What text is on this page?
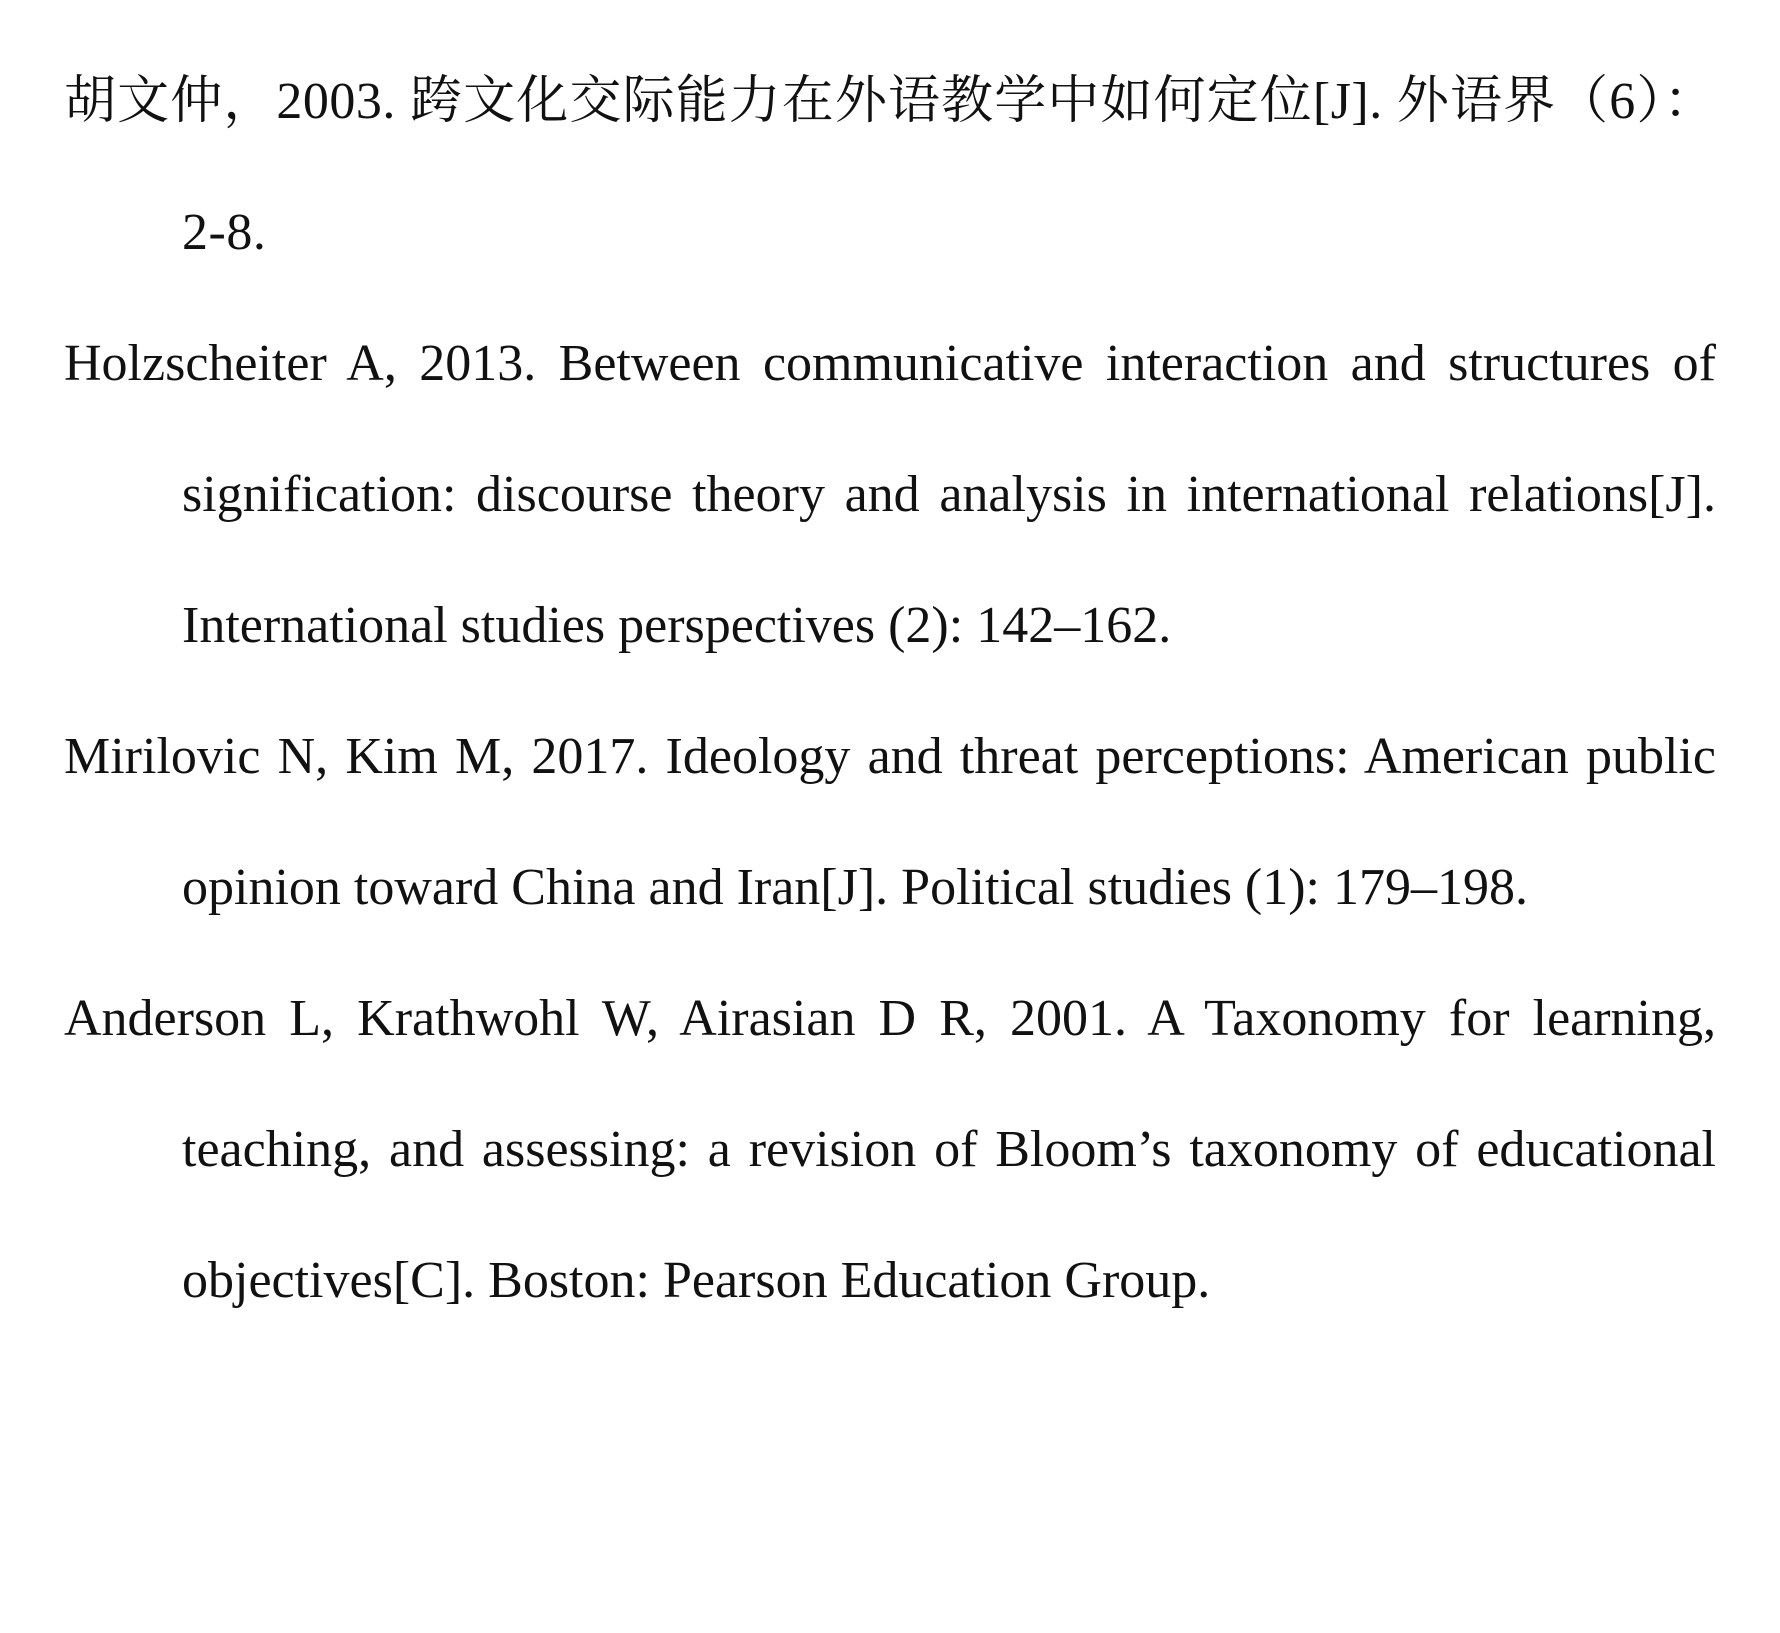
胡文仲，2003. 跨文化交际能力在外语教学中如何定位[J]. 外语界（6）：2-8.
Holzscheiter A, 2013. Between communicative interaction and structures of signification: discourse theory and analysis in international relations[J]. International studies perspectives (2): 142–162.
Mirilovic N, Kim M, 2017. Ideology and threat perceptions: American public opinion toward China and Iran[J]. Political studies (1): 179–198.
Anderson L, Krathwohl W, Airasian D R, 2001. A Taxonomy for learning, teaching, and assessing: a revision of Bloom’s taxonomy of educational objectives[C]. Boston: Pearson Education Group.
